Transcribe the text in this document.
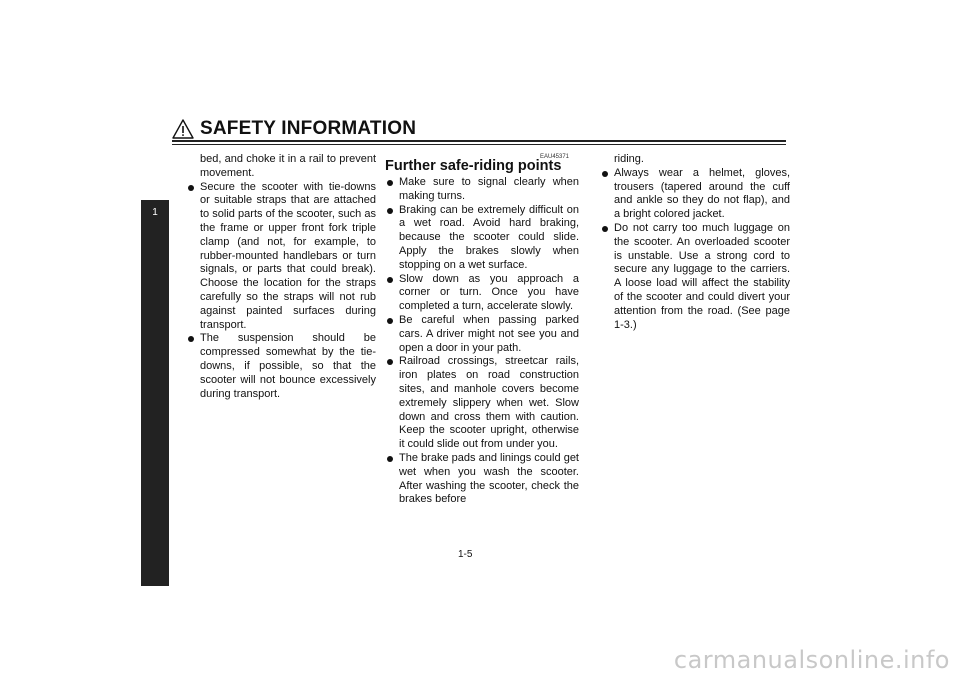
SAFETY INFORMATION
1

bed, and choke it in a rail to prevent movement.

Secure the scooter with tie-downs or suitable straps that are attached to solid parts of the scooter, such as the frame or upper front fork triple clamp (and not, for example, to rubber-mounted handlebars or turn signals, or parts that could break). Choose the location for the straps carefully so the straps will not rub against painted surfaces during transport.
The suspension should be compressed somewhat by the tie-downs, if possible, so that the scooter will not bounce excessively during transport.
EAU45371
Further safe-riding points
Make sure to signal clearly when making turns.
Braking can be extremely difficult on a wet road. Avoid hard braking, because the scooter could slide. Apply the brakes slowly when stopping on a wet surface.
Slow down as you approach a corner or turn. Once you have completed a turn, accelerate slowly.
Be careful when passing parked cars. A driver might not see you and open a door in your path.
Railroad crossings, streetcar rails, iron plates on road construction sites, and manhole covers become extremely slippery when wet. Slow down and cross them with caution. Keep the scooter upright, otherwise it could slide out from under you.
The brake pads and linings could get wet when you wash the scooter. After washing the scooter, check the brakes before

riding.

Always wear a helmet, gloves, trousers (tapered around the cuff and ankle so they do not flap), and a bright colored jacket.
Do not carry too much luggage on the scooter. An overloaded scooter is unstable. Use a strong cord to secure any luggage to the carriers. A loose load will affect the stability of the scooter and could divert your attention from the road. (See page 1-3.)
1-5
carmanualsonline.info
